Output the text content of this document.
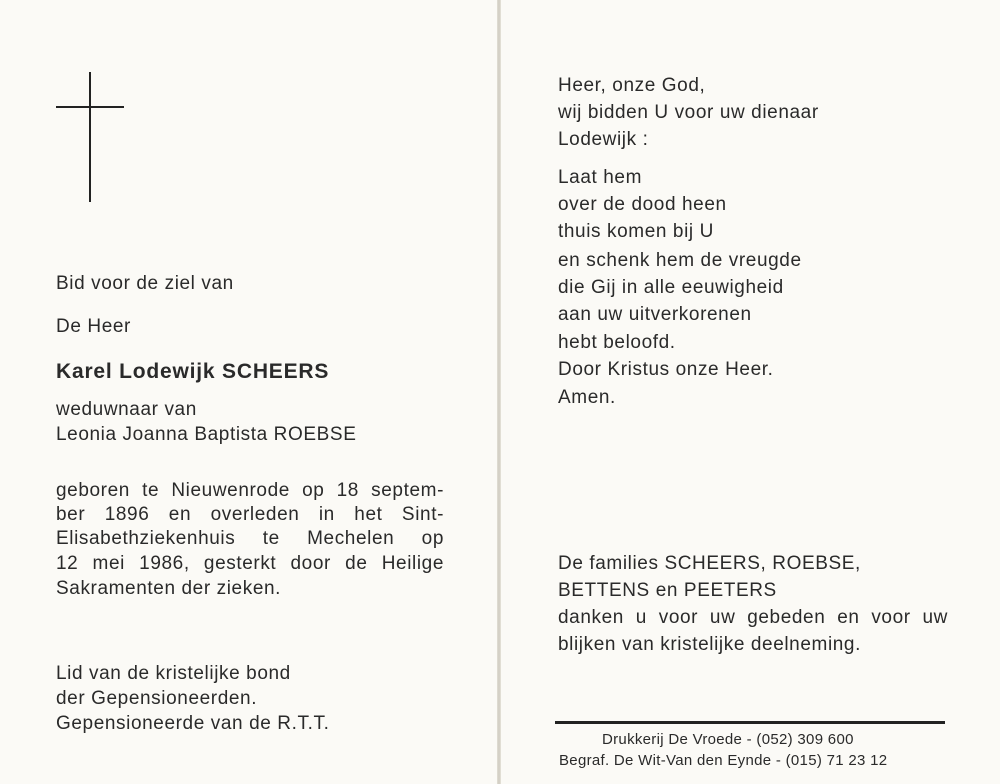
Bid voor de ziel van
De Heer
Karel Lodewijk SCHEERS
weduwnaar van
Leonia Joanna Baptista ROEBSE
geboren te Nieuwenrode op 18 septem-
ber 1896 en overleden in het Sint-
Elisabethziekenhuis te Mechelen op
12 mei 1986, gesterkt door de Heilige
Sakramenten der zieken.
Lid van de kristelijke bond
der Gepensioneerden.
Gepensioneerde van de R.T.T.
Heer, onze God,
wij bidden U voor uw dienaar
Lodewijk :
Laat hem
over de dood heen
thuis komen bij U
en schenk hem de vreugde
die Gij in alle eeuwigheid
aan uw uitverkorenen
hebt beloofd.
Door Kristus onze Heer.
Amen.
De families SCHEERS, ROEBSE,
BETTENS en PEETERS
danken u voor uw gebeden en voor uw
blijken van kristelijke deelneming.
Drukkerij De Vroede - (052) 309 600
Begraf. De Wit-Van den Eynde - (015) 71 23 12
